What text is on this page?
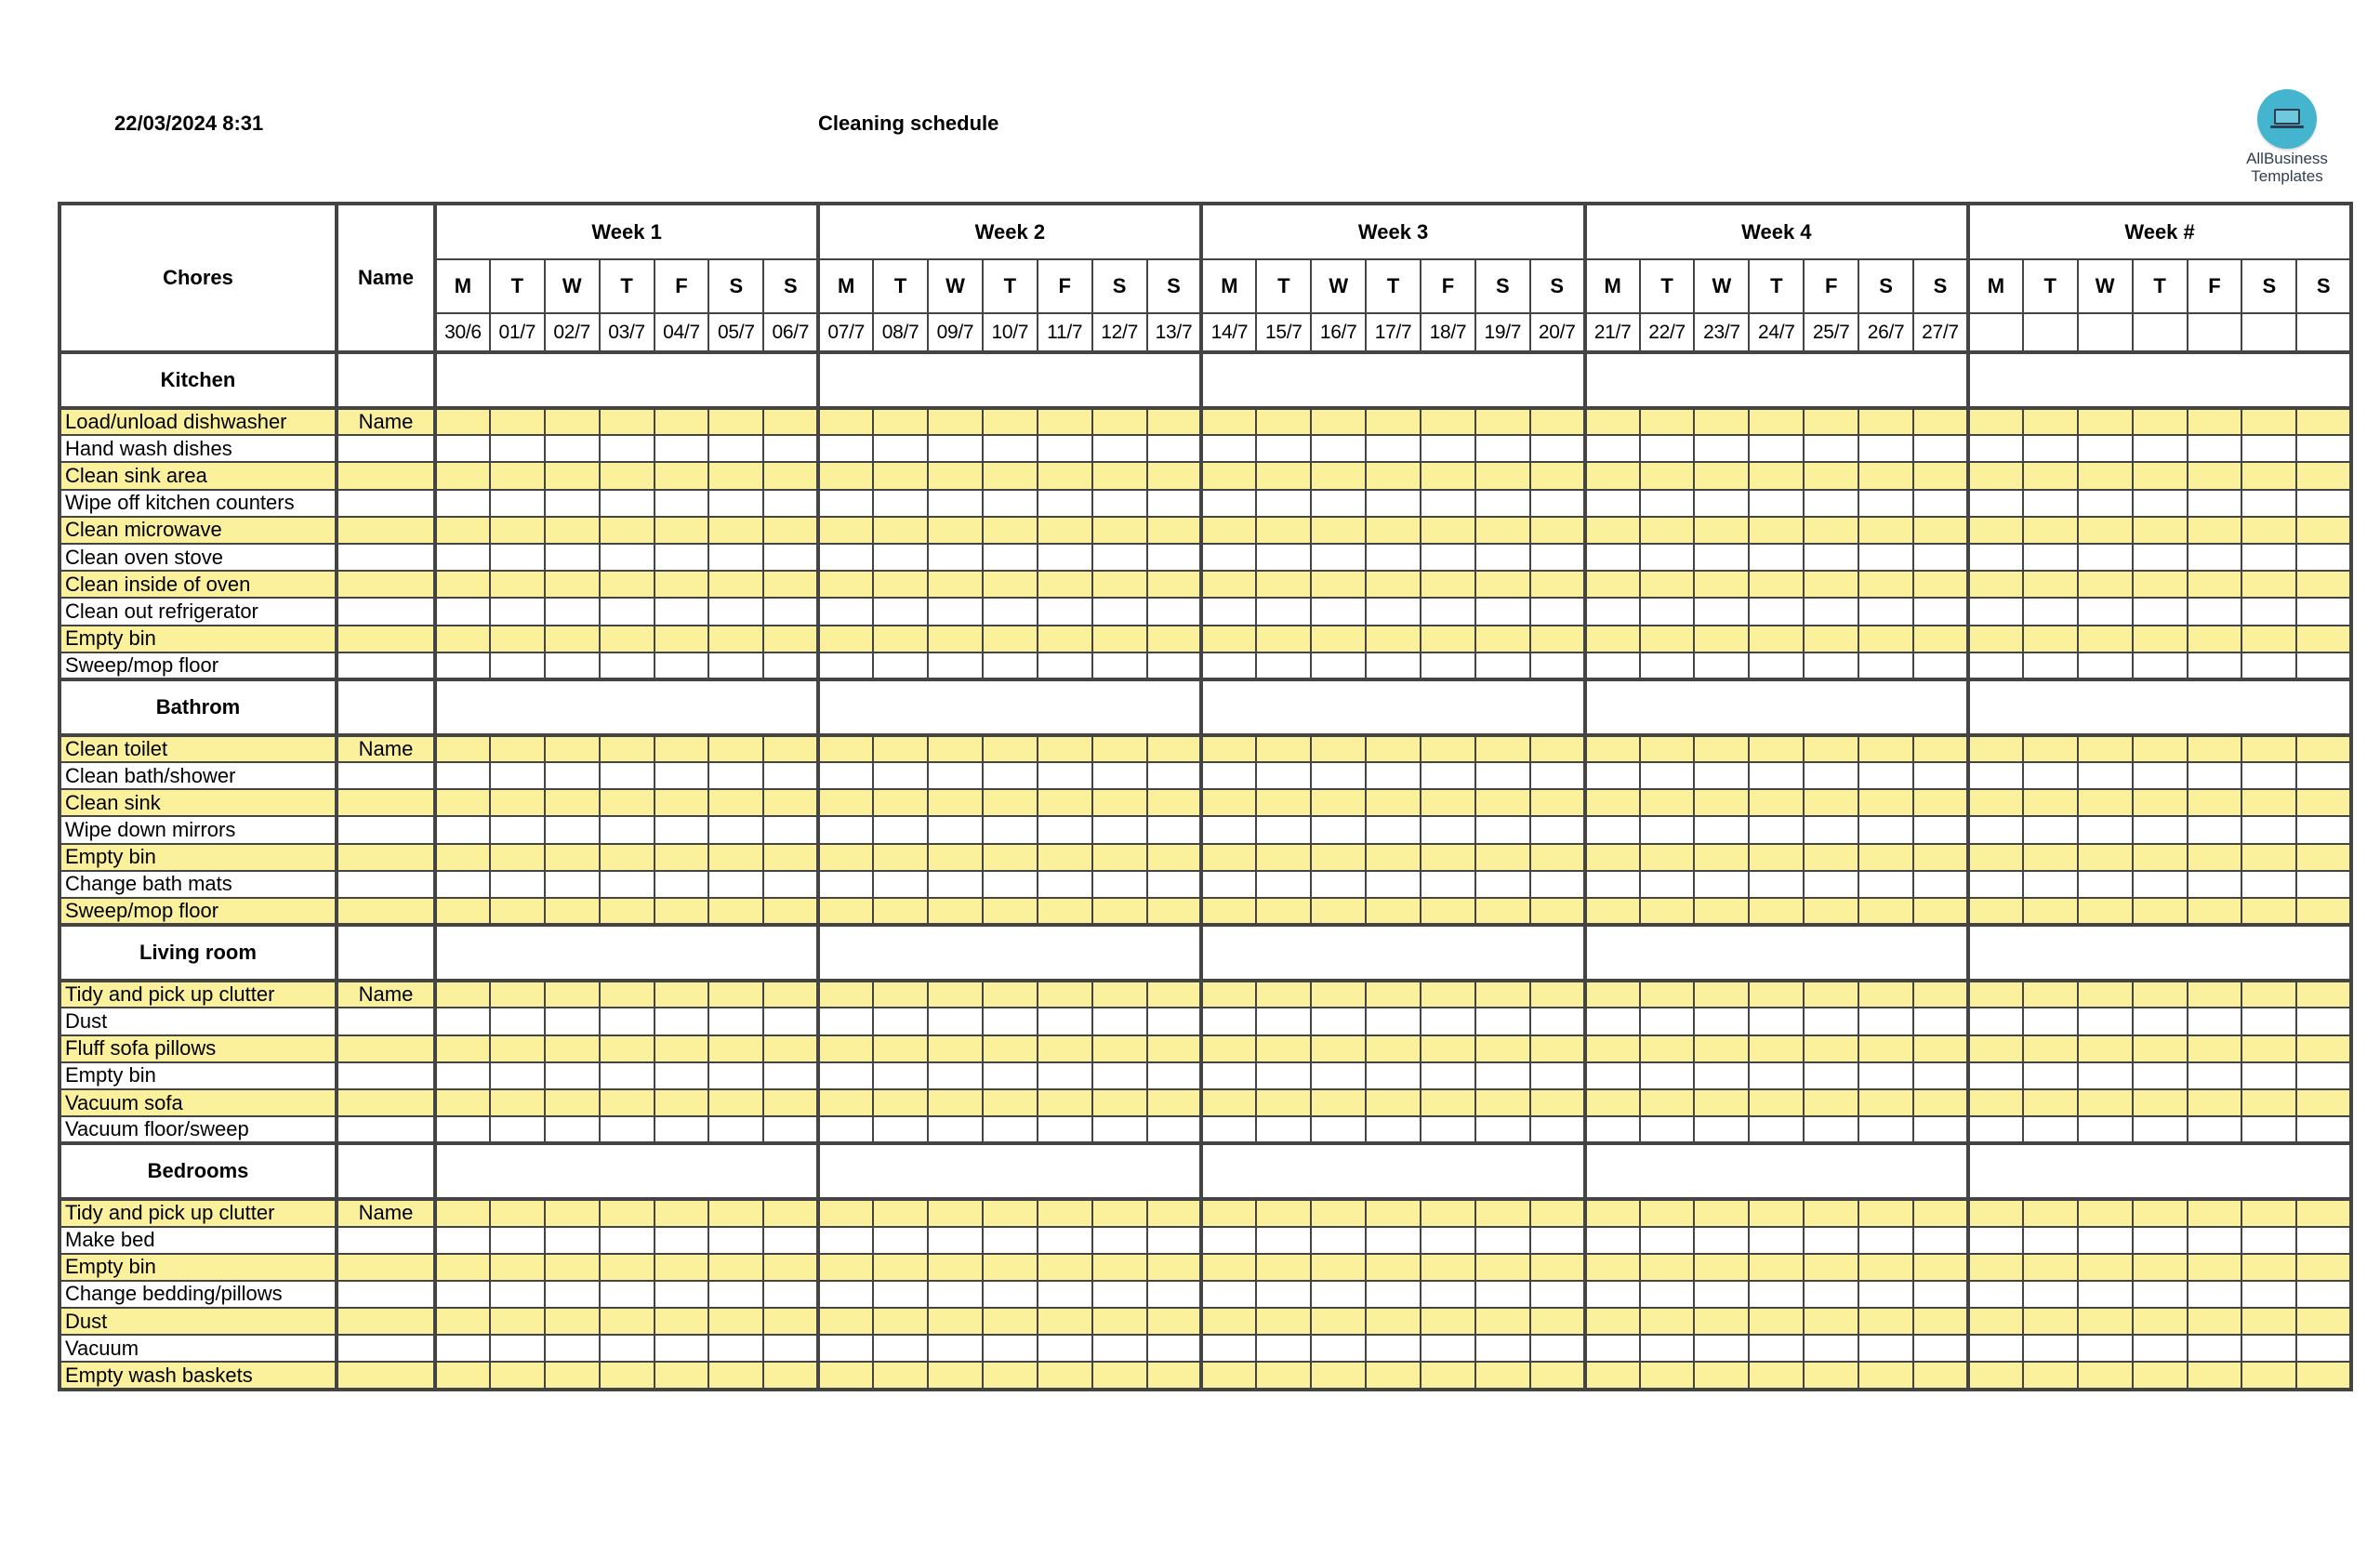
22/03/2024 8:31	Cleaning schedule
AllBusiness
Templates
Chores	Name	Week 1							Week 2							Week 3							Week 4							Week #						
		M	T	W	T	F	S	S	M	T	W	T	F	S	S	M	T	W	T	F	S	S	M	T	W	T	F	S	S	M	T	W	T	F	S	S
		30/6	01/7	02/7	03/7	04/7	05/7	06/7	07/7	08/7	09/7	10/7	11/7	12/7	13/7	14/7	15/7	16/7	17/7	18/7	19/7	20/7	21/7	22/7	23/7	24/7	25/7	26/7	27/7							
Kitchen																																				
Load/unload dishwasher	Name																																			
Hand wash dishes																																				
Clean sink area																																				
Wipe off kitchen counters																																				
Clean microwave																																				
Clean oven stove																																				
Clean inside of oven																																				
Clean out refrigerator																																				
Empty bin																																				
Sweep/mop floor																																				
Bathrom																																				
Clean toilet	Name																																			
Clean bath/shower																																				
Clean sink																																				
Wipe down mirrors																																				
Empty bin																																				
Change bath mats																																				
Sweep/mop floor																																				
Living room																																				
Tidy and pick up clutter	Name																																			
Dust																																				
Fluff sofa pillows																																				
Empty bin																																				
Vacuum sofa																																				
Vacuum floor/sweep																																				
Bedrooms																																				
Tidy and pick up clutter	Name																																			
Make bed																																				
Empty bin																																				
Change bedding/pillows																																				
Dust																																				
Vacuum																																				
Empty wash baskets																																				
